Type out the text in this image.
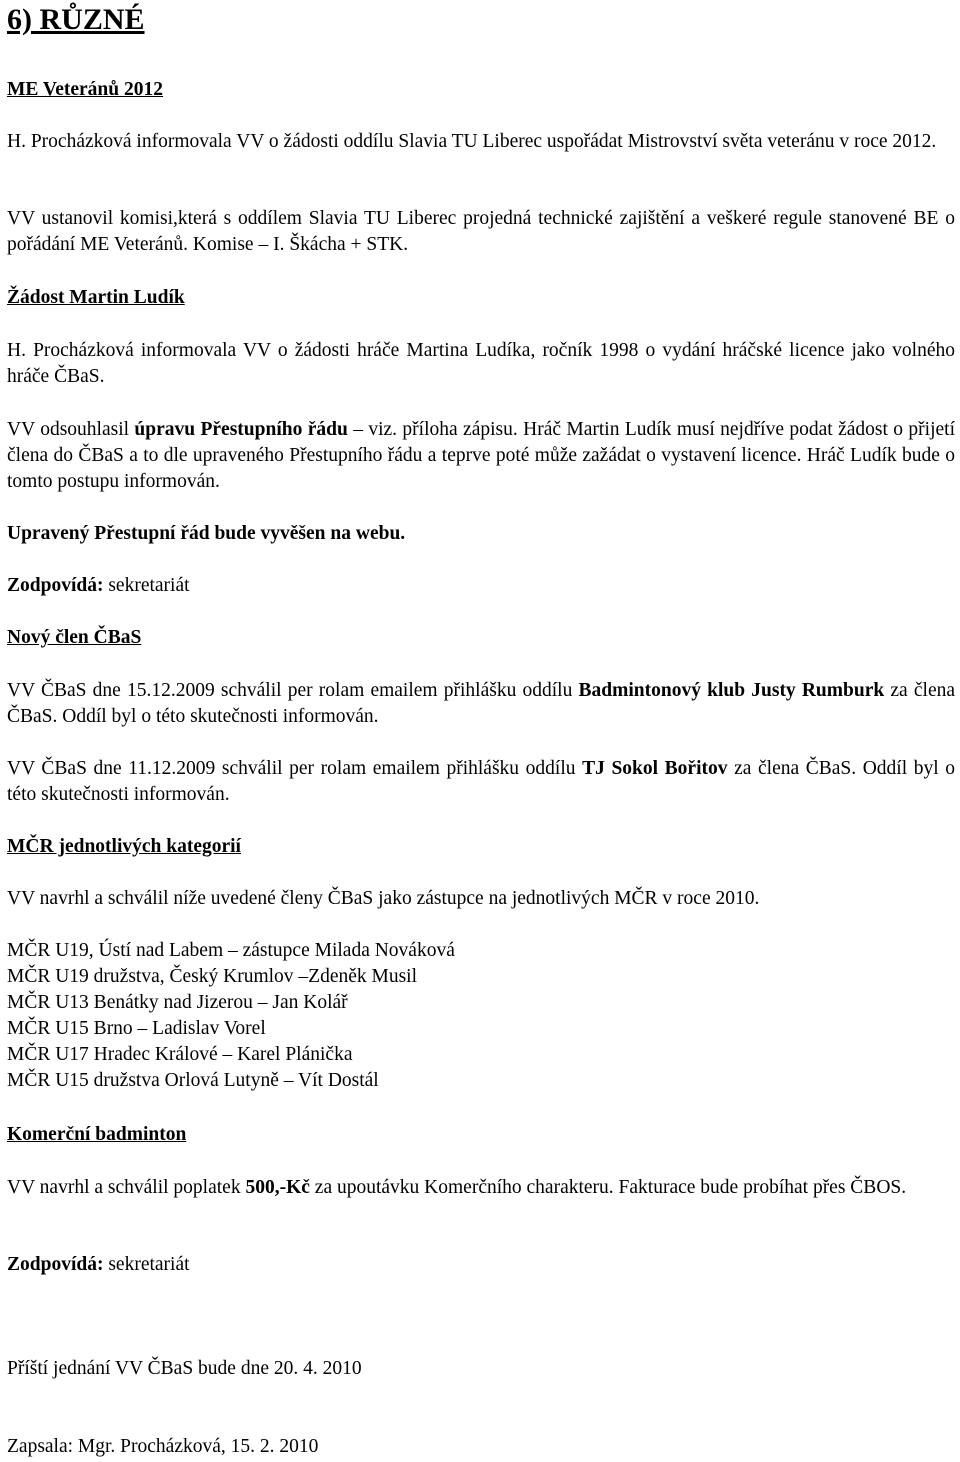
6) RŮZNÉ
ME Veteránů 2012

H. Procházková informovala VV o žádosti oddílu Slavia TU Liberec uspořádat Mistrovství světa veteránu v roce 2012.

VV ustanovil komisi,která s oddílem Slavia TU Liberec projedná technické zajištění a veškeré regule stanovené BE o pořádání ME Veteránů. Komise – I. Škácha + STK.

Žádost Martin Ludík

H. Procházková informovala VV o žádosti hráče Martina Ludíka, ročník 1998 o vydání hráčské licence jako volného hráče ČBaS.

VV odsouhlasil úpravu Přestupního řádu – viz. příloha zápisu. Hráč Martin Ludík musí nejdříve podat žádost o přijetí člena do ČBaS a to dle upraveného Přestupního řádu a teprve poté může zažádat o vystavení licence. Hráč Ludík bude o tomto postupu informován.

Upravený Přestupní řád bude vyvěšen na webu.
Zodpovídá: sekretariát
Nový člen ČBaS

VV ČBaS dne 15.12.2009 schválil per rolam emailem přihlášku oddílu Badmintonový klub Justy Rumburk za člena ČBaS. Oddíl byl o této skutečnosti informován.

VV ČBaS dne 11.12.2009 schválil per rolam emailem přihlášku oddílu TJ Sokol Bořitov za člena ČBaS. Oddíl byl o této skutečnosti informován.

MČR jednotlivých kategorií

VV navrhl a schválil níže uvedené členy ČBaS jako zástupce na jednotlivých MČR v roce 2010.

MČR U19, Ústí nad Labem – zástupce Milada Nováková
MČR U19 družstva, Český Krumlov –Zdeněk Musil
MČR U13 Benátky nad Jizerou – Jan Kolář
MČR U15 Brno – Ladislav Vorel
MČR U17 Hradec Králové – Karel Plánička
MČR U15 družstva Orlová Lutyně – Vít Dostál
Komerční badminton

VV navrhl a schválil poplatek 500,-Kč za upoutávku Komerčního charakteru. Fakturace bude probíhat přes ČBOS.

Zodpovídá: sekretariát
Příští jednání VV ČBaS bude dne 20. 4. 2010
Zapsala: Mgr. Procházková, 15. 2. 2010
